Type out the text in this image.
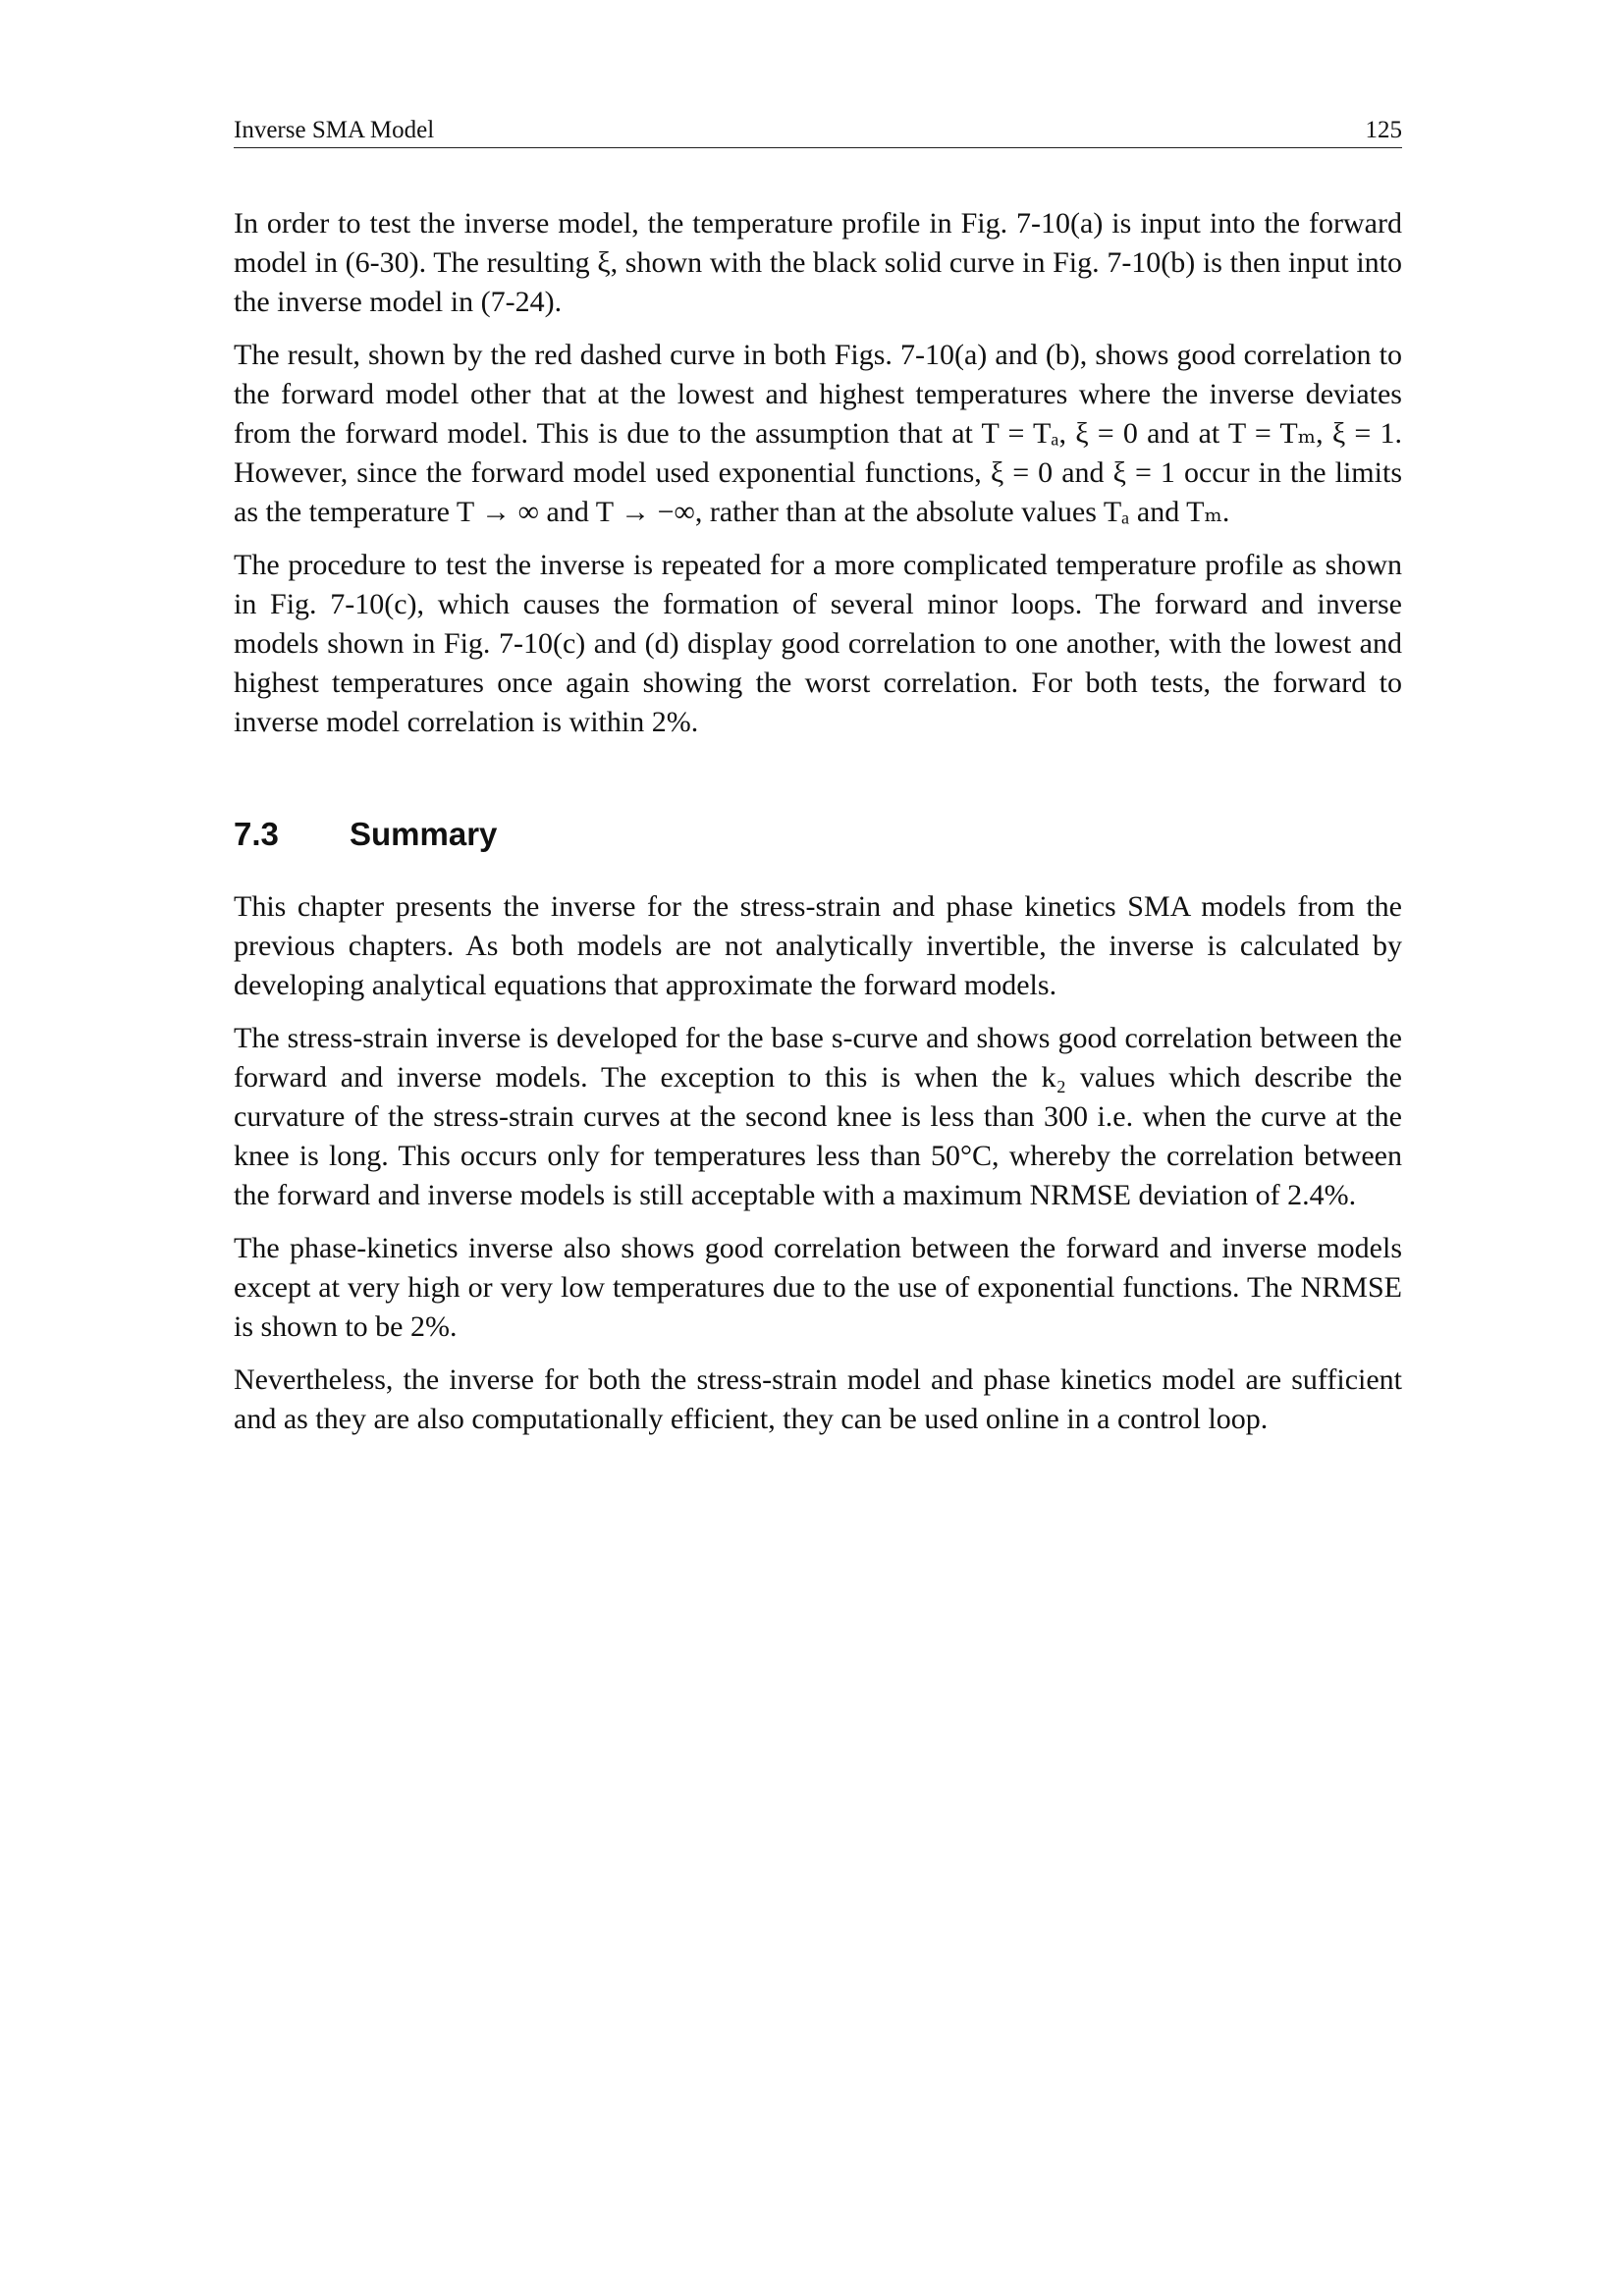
Inverse SMA Model	125

In order to test the inverse model, the temperature profile in Fig. 7-10(a) is input into the forward model in (6-30). The resulting ξ, shown with the black solid curve in Fig. 7-10(b) is then input into the inverse model in (7-24).

The result, shown by the red dashed curve in both Figs. 7-10(a) and (b), shows good correlation to the forward model other that at the lowest and highest temperatures where the inverse deviates from the forward model. This is due to the assumption that at T = Tₐ, ξ = 0 and at T = Tₘ, ξ = 1. However, since the forward model used exponential functions, ξ = 0 and ξ = 1 occur in the limits as the temperature T → ∞ and T → −∞, rather than at the absolute values Tₐ and Tₘ.

The procedure to test the inverse is repeated for a more complicated temperature profile as shown in Fig. 7-10(c), which causes the formation of several minor loops. The forward and inverse models shown in Fig. 7-10(c) and (d) display good correlation to one another, with the lowest and highest temperatures once again showing the worst correlation. For both tests, the forward to inverse model correlation is within 2%.

7.3 Summary

This chapter presents the inverse for the stress-strain and phase kinetics SMA models from the previous chapters. As both models are not analytically invertible, the inverse is calculated by developing analytical equations that approximate the forward models.

The stress-strain inverse is developed for the base s-curve and shows good correlation between the forward and inverse models. The exception to this is when the k₂ values which describe the curvature of the stress-strain curves at the second knee is less than 300 i.e. when the curve at the knee is long. This occurs only for temperatures less than 50°C, whereby the correlation between the forward and inverse models is still acceptable with a maximum NRMSE deviation of 2.4%.

The phase-kinetics inverse also shows good correlation between the forward and inverse models except at very high or very low temperatures due to the use of exponential functions. The NRMSE is shown to be 2%.

Nevertheless, the inverse for both the stress-strain model and phase kinetics model are sufficient and as they are also computationally efficient, they can be used online in a control loop.
